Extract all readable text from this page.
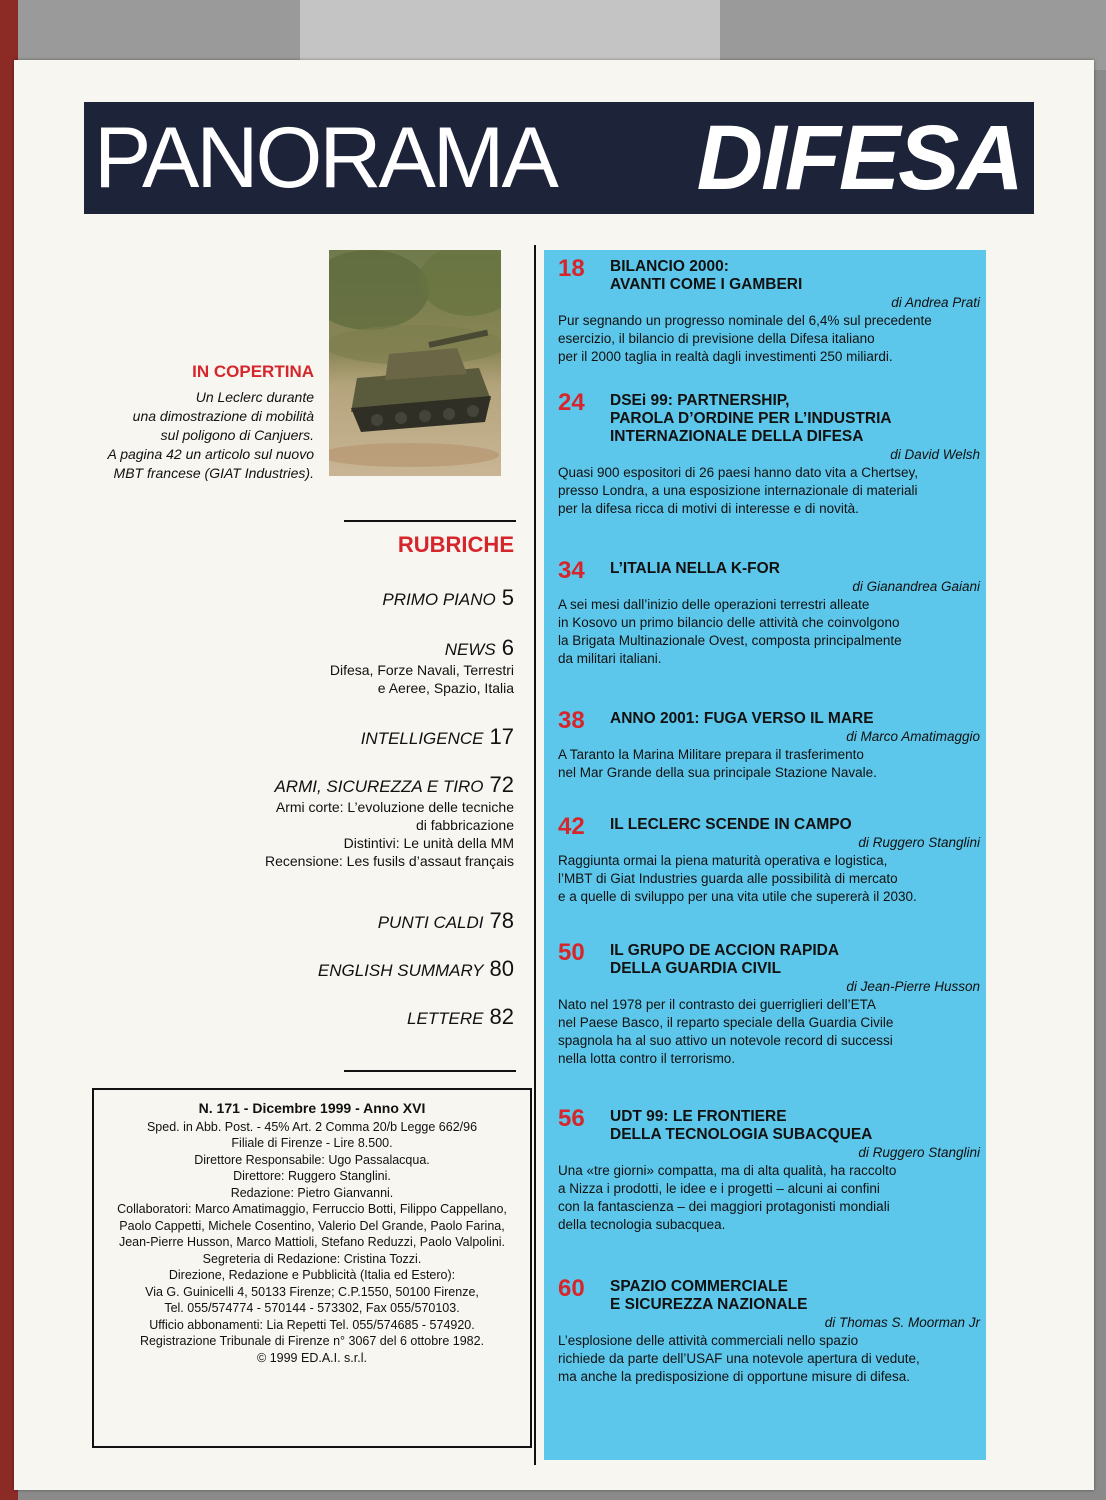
PANORAMA DIFESA
IN COPERTINA
Un Leclerc durante
una dimostrazione di mobilità
sul poligono di Canjuers.
A pagina 42 un articolo sul nuovo
MBT francese (GIAT Industries).
RUBRICHE
PRIMO PIANO 5
NEWS 6
Difesa, Forze Navali, Terrestri
e Aeree, Spazio, Italia
INTELLIGENCE 17
ARMI, SICUREZZA E TIRO 72
Armi corte: L’evoluzione delle tecniche
di fabbricazione
Distintivi: Le unità della MM
Recensione: Les fusils d’assaut français
PUNTI CALDI 78
ENGLISH SUMMARY 80
LETTERE 82
N. 171 - Dicembre 1999 - Anno XVI
Sped. in Abb. Post. - 45% Art. 2 Comma 20/b Legge 662/96
Filiale di Firenze - Lire 8.500.
Direttore Responsabile: Ugo Passalacqua.
Direttore: Ruggero Stanglini.
Redazione: Pietro Gianvanni.
Collaboratori: Marco Amatimaggio, Ferruccio Botti, Filippo Cappellano,
Paolo Cappetti, Michele Cosentino, Valerio Del Grande, Paolo Farina,
Jean-Pierre Husson, Marco Mattioli, Stefano Reduzzi, Paolo Valpolini.
Segreteria di Redazione: Cristina Tozzi.
Direzione, Redazione e Pubblicità (Italia ed Estero):
Via G. Guinicelli 4, 50133 Firenze; C.P.1550, 50100 Firenze,
Tel. 055/574774 - 570144 - 573302, Fax 055/570103.
Ufficio abbonamenti: Lia Repetti Tel. 055/574685 - 574920.
Registrazione Tribunale di Firenze n° 3067 del 6 ottobre 1982.
© 1999 ED.A.I. s.r.l.
18 BILANCIO 2000:
AVANTI COME I GAMBERI
di Andrea Prati
Pur segnando un progresso nominale del 6,4% sul precedente
esercizio, il bilancio di previsione della Difesa italiano
per il 2000 taglia in realtà dagli investimenti 250 miliardi.
24 DSEi 99: PARTNERSHIP,
PAROLA D’ORDINE PER L’INDUSTRIA
INTERNAZIONALE DELLA DIFESA
di David Welsh
Quasi 900 espositori di 26 paesi hanno dato vita a Chertsey,
presso Londra, a una esposizione internazionale di materiali
per la difesa ricca di motivi di interesse e di novità.
34 L’ITALIA NELLA K-FOR
di Gianandrea Gaiani
A sei mesi dall’inizio delle operazioni terrestri alleate
in Kosovo un primo bilancio delle attività che coinvolgono
la Brigata Multinazionale Ovest, composta principalmente
da militari italiani.
38 ANNO 2001: FUGA VERSO IL MARE
di Marco Amatimaggio
A Taranto la Marina Militare prepara il trasferimento
nel Mar Grande della sua principale Stazione Navale.
42 IL LECLERC SCENDE IN CAMPO
di Ruggero Stanglini
Raggiunta ormai la piena maturità operativa e logistica,
l’MBT di Giat Industries guarda alle possibilità di mercato
e a quelle di sviluppo per una vita utile che supererà il 2030.
50 IL GRUPO DE ACCION RAPIDA
DELLA GUARDIA CIVIL
di Jean-Pierre Husson
Nato nel 1978 per il contrasto dei guerriglieri dell’ETA
nel Paese Basco, il reparto speciale della Guardia Civile
spagnola ha al suo attivo un notevole record di successi
nella lotta contro il terrorismo.
56 UDT 99: LE FRONTIERE
DELLA TECNOLOGIA SUBACQUEA
di Ruggero Stanglini
Una «tre giorni» compatta, ma di alta qualità, ha raccolto
a Nizza i prodotti, le idee e i progetti – alcuni ai confini
con la fantascienza – dei maggiori protagonisti mondiali
della tecnologia subacquea.
60 SPAZIO COMMERCIALE
E SICUREZZA NAZIONALE
di Thomas S. Moorman Jr
L’esplosione delle attività commerciali nello spazio
richiede da parte dell’USAF una notevole apertura di vedute,
ma anche la predisposizione di opportune misure di difesa.
